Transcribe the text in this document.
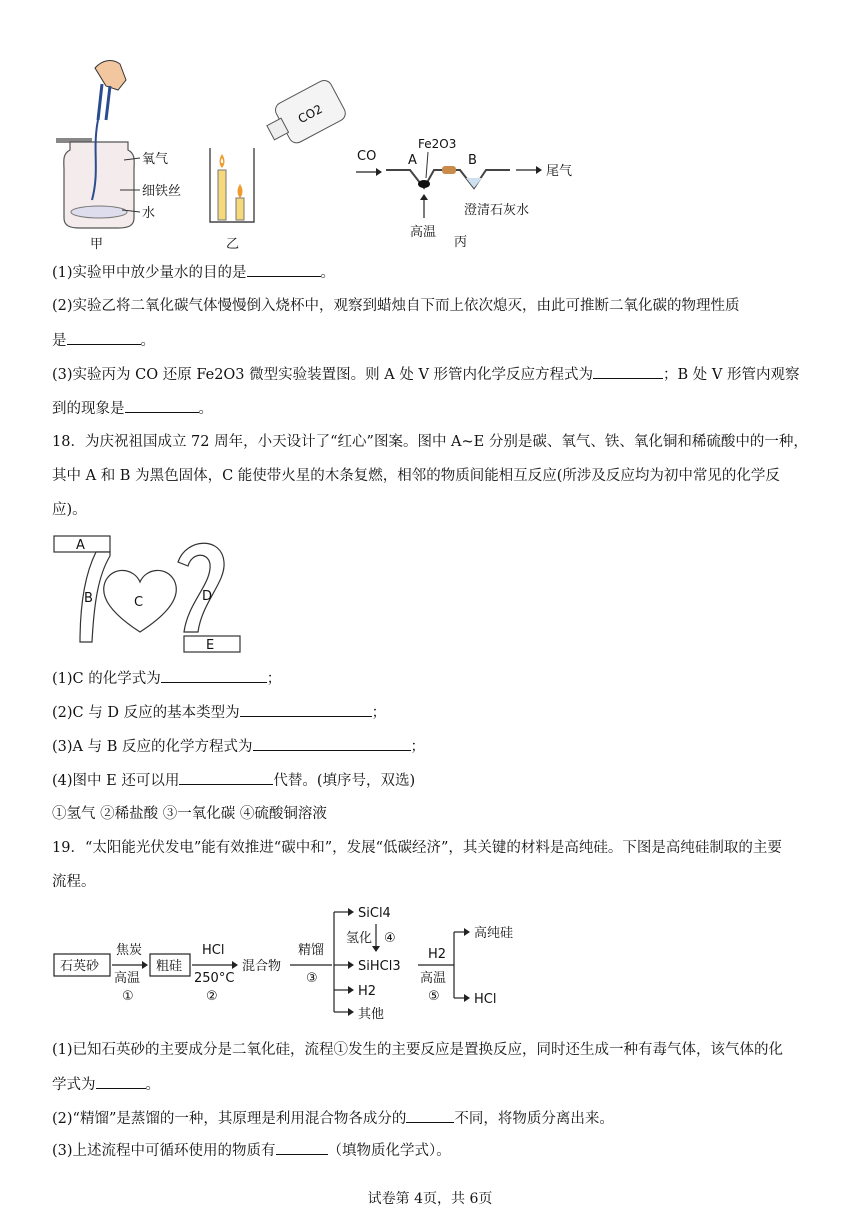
氧气
细铁丝
水
甲
CO2
乙
CO
Fe2O3
A	B
尾气
高温
澄清石灰水
丙
(1)实验甲中放少量水的目的是	。
(2)实验乙将二氧化碳气体慢慢倒入烧杯中，观察到蜡烛自下而上依次熄灭，由此可推断二氧化碳的物理性质
是	。
(3)实验丙为 CO 还原 Fe2O3 微型实验装置图。则 A 处 V 形管内化学反应方程式为	；B 处 V 形管内观察
到的现象是	。
18．为庆祝祖国成立 72 周年，小天设计了“红心”图案。图中 A~E 分别是碳、氧气、铁、氧化铜和稀硫酸中的一种，
其中 A 和 B 为黑色固体，C 能使带火星的木条复燃，相邻的物质间能相互反应(所涉及反应均为初中常见的化学反
应)。
A
B	C	D
E
(1)C 的化学式为	；
(2)C 与 D 反应的基本类型为	；
(3)A 与 B 反应的化学方程式为	；
(4)图中 E 还可以用	代替。(填序号，双选)
①氢气 ②稀盐酸 ③一氧化碳 ④硫酸铜溶液
19．“太阳能光伏发电”能有效推进“碳中和”，发展“低碳经济”，其关键的材料是高纯硅。下图是高纯硅制取的主要
流程。
石英砂
焦炭
高温
①
粗硅
HCl
250°C
②
混合物
精馏
③
SiCl4
氢化 ④
SiHCl3
H2
其他
H2
高温
⑤
高纯硅
HCl
(1)已知石英砂的主要成分是二氧化硅，流程①发生的主要反应是置换反应，同时还生成一种有毒气体，该气体的化
学式为	。
(2)“精馏”是蒸馏的一种，其原理是利用混合物各成分的	不同，将物质分离出来。
(3)上述流程中可循环使用的物质有	（填物质化学式）。
试卷第 4页，共 6页
